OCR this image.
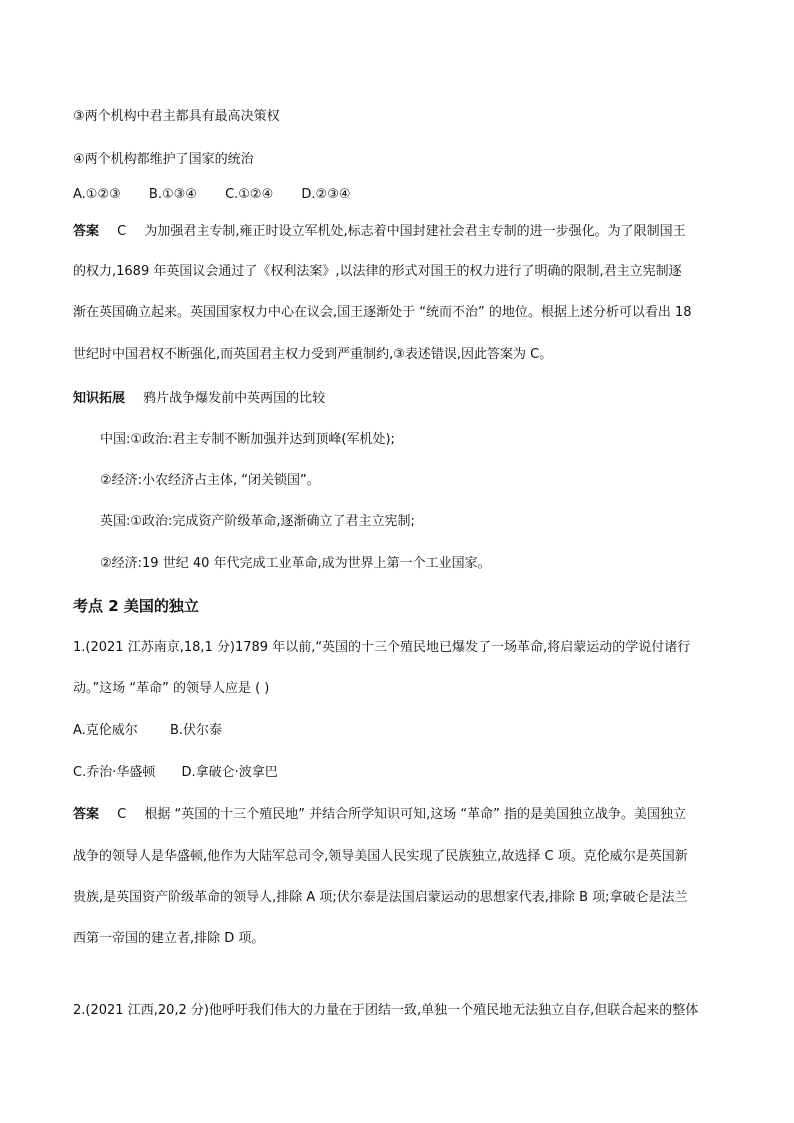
③两个机构中君主都具有最高决策权
④两个机构都维护了国家的统治
A.①②③ B.①③④ C.①②④ D.②③④
答案 C 为加强君主专制,雍正时设立军机处,标志着中国封建社会君主专制的进一步强化。为了限制国王
的权力,1689 年英国议会通过了《权利法案》,以法律的形式对国王的权力进行了明确的限制,君主立宪制逐
渐在英国确立起来。英国国家权力中心在议会,国王逐渐处于 “统而不治” 的地位。根据上述分析可以看出 18
世纪时中国君权不断强化,而英国君主权力受到严重制约,③表述错误,因此答案为 C。
知识拓展 鸦片战争爆发前中英两国的比较
中国:①政治:君主专制不断加强并达到顶峰(军机处);
②经济:小农经济占主体, “闭关锁国”。
英国:①政治:完成资产阶级革命,逐渐确立了君主立宪制;
②经济:19 世纪 40 年代完成工业革命,成为世界上第一个工业国家。
考点 2 美国的独立
1.(2021 江苏南京,18,1 分)1789 年以前,“英国的十三个殖民地已爆发了一场革命,将启蒙运动的学说付诸行
动。”这场 “革命” 的领导人应是 ( )
A.克伦威尔 B.伏尔泰
C.乔治·华盛顿 D.拿破仑·波拿巴
答案 C 根据 “英国的十三个殖民地” 并结合所学知识可知,这场 “革命” 指的是美国独立战争。美国独立
战争的领导人是华盛顿,他作为大陆军总司令,领导美国人民实现了民族独立,故选择 C 项。克伦威尔是英国新
贵族,是英国资产阶级革命的领导人,排除 A 项;伏尔泰是法国启蒙运动的思想家代表,排除 B 项;拿破仑是法兰
西第一帝国的建立者,排除 D 项。
2.(2021 江西,20,2 分)他呼吁我们伟大的力量在于团结一致,单独一个殖民地无法独立自存,但联合起来的整体
